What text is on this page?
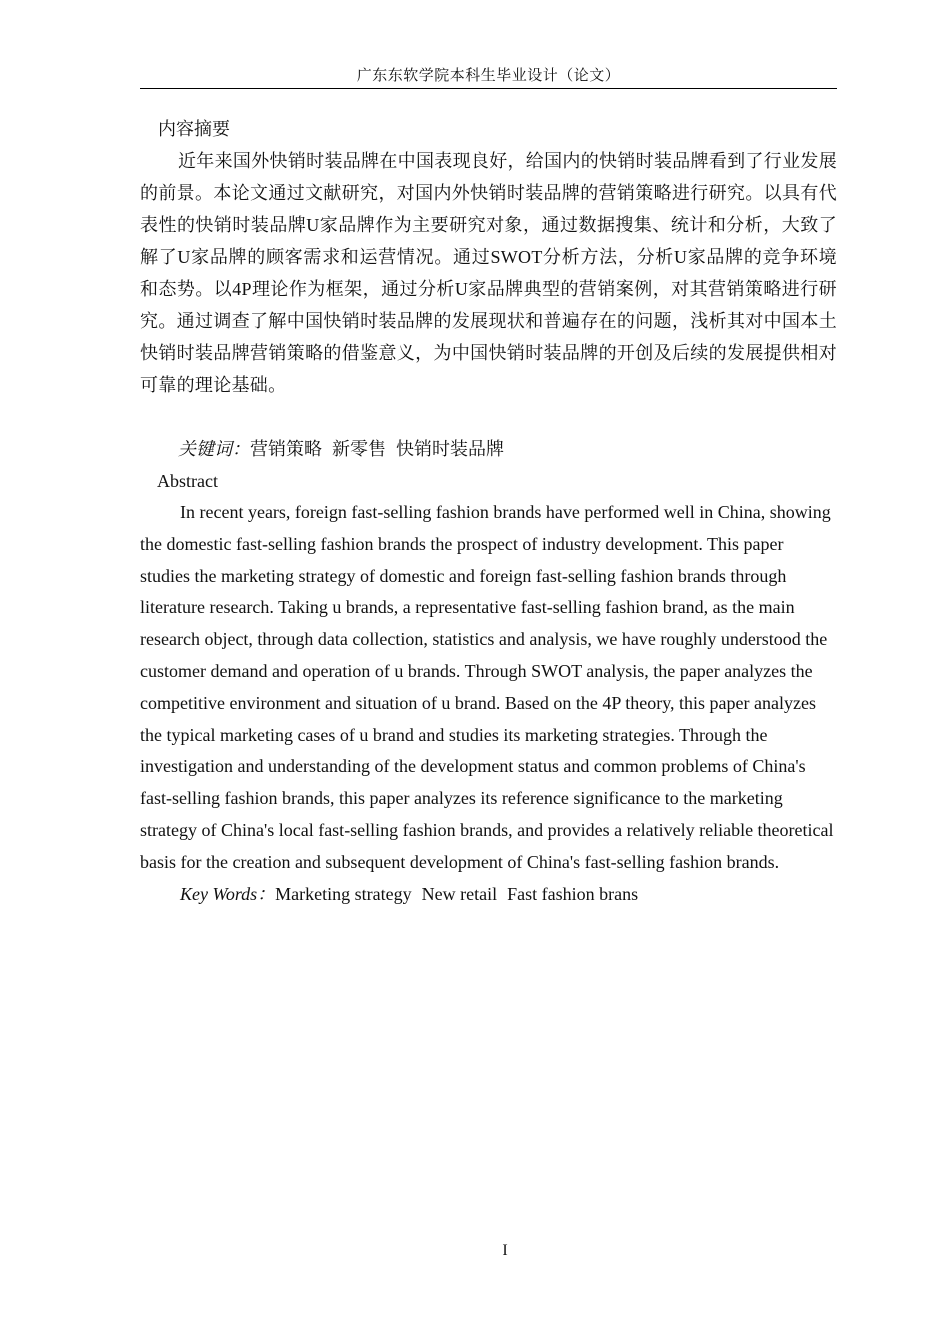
广东东软学院本科生毕业设计（论文）

内容摘要

近年来国外快销时装品牌在中国表现良好，给国内的快销时装品牌看到了行业发展的前景。本论文通过文献研究，对国内外快销时装品牌的营销策略进行研究。以具有代表性的快销时装品牌U家品牌作为主要研究对象，通过数据搜集、统计和分析，大致了解了U家品牌的顾客需求和运营情况。通过SWOT分析方法，分析U家品牌的竞争环境和态势。以4P理论作为框架，通过分析U家品牌典型的营销案例，对其营销策略进行研究。通过调查了解中国快销时装品牌的发展现状和普遍存在的问题，浅析其对中国本土快销时装品牌营销策略的借鉴意义，为中国快销时装品牌的开创及后续的发展提供相对可靠的理论基础。

关键词：营销策略 新零售 快销时装品牌

Abstract

In recent years, foreign fast-selling fashion brands have performed well in China, showing the domestic fast-selling fashion brands the prospect of industry development. This paper studies the marketing strategy of domestic and foreign fast-selling fashion brands through literature research. Taking u brands, a representative fast-selling fashion brand, as the main research object, through data collection, statistics and analysis, we have roughly understood the customer demand and operation of u brands. Through SWOT analysis, the paper analyzes the competitive environment and situation of u brand. Based on the 4P theory, this paper analyzes the typical marketing cases of u brand and studies its marketing strategies. Through the investigation and understanding of the development status and common problems of China's fast-selling fashion brands, this paper analyzes its reference significance to the marketing strategy of China's local fast-selling fashion brands, and provides a relatively reliable theoretical basis for the creation and subsequent development of China's fast-selling fashion brands.

Key Words：Marketing strategy New retail Fast fashion brans

I
